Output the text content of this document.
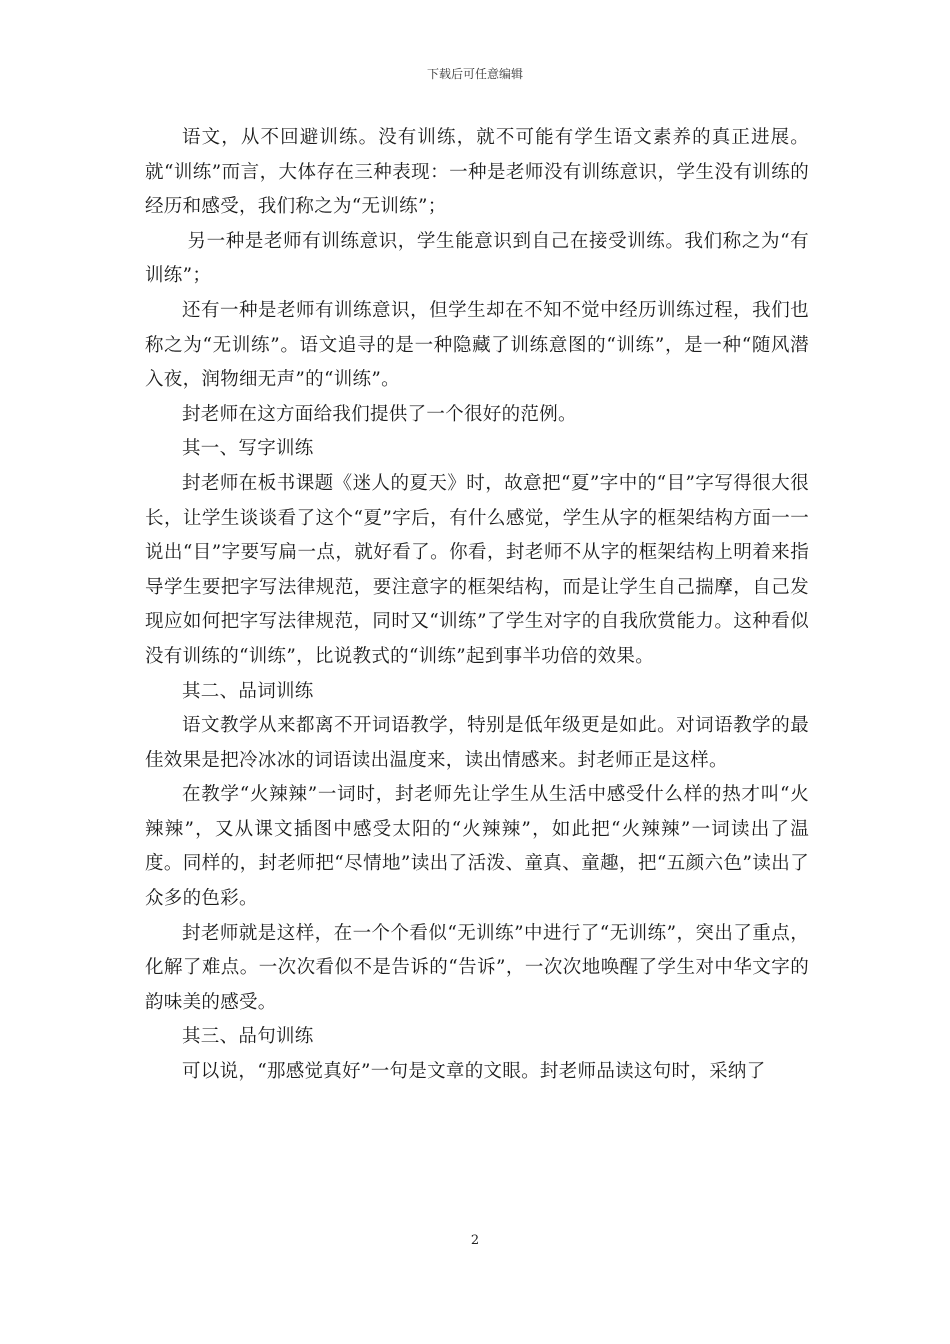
下载后可任意编辑

语文，从不回避训练。没有训练，就不可能有学生语文素养的真正进展。就“训练”而言，大体存在三种表现：一种是老师没有训练意识，学生没有训练的经历和感受，我们称之为“无训练”；

另一种是老师有训练意识，学生能意识到自己在接受训练。我们称之为“有训练”；

还有一种是老师有训练意识，但学生却在不知不觉中经历训练过程，我们也称之为“无训练”。语文追寻的是一种隐藏了训练意图的“训练”，是一种“随风潜入夜，润物细无声”的“训练”。

封老师在这方面给我们提供了一个很好的范例。

其一、写字训练

封老师在板书课题《迷人的夏天》时，故意把“夏”字中的“目”字写得很大很长，让学生谈谈看了这个“夏”字后，有什么感觉，学生从字的框架结构方面一一说出“目”字要写扁一点，就好看了。你看，封老师不从字的框架结构上明着来指导学生要把字写法律规范，要注意字的框架结构，而是让学生自己揣摩，自己发现应如何把字写法律规范，同时又“训练”了学生对字的自我欣赏能力。这种看似没有训练的“训练”，比说教式的“训练”起到事半功倍的效果。

其二、品词训练

语文教学从来都离不开词语教学，特别是低年级更是如此。对词语教学的最佳效果是把冷冰冰的词语读出温度来，读出情感来。封老师正是这样。

在教学“火辣辣”一词时，封老师先让学生从生活中感受什么样的热才叫“火辣辣”，又从课文插图中感受太阳的“火辣辣”，如此把“火辣辣”一词读出了温度。同样的，封老师把“尽情地”读出了活泼、童真、童趣，把“五颜六色”读出了众多的色彩。

封老师就是这样，在一个个看似“无训练”中进行了“无训练”，突出了重点，化解了难点。一次次看似不是告诉的“告诉”，一次次地唤醒了学生对中华文字的韵味美的感受。

其三、品句训练

可以说，“那感觉真好”一句是文章的文眼。封老师品读这句时，采纳了

2
